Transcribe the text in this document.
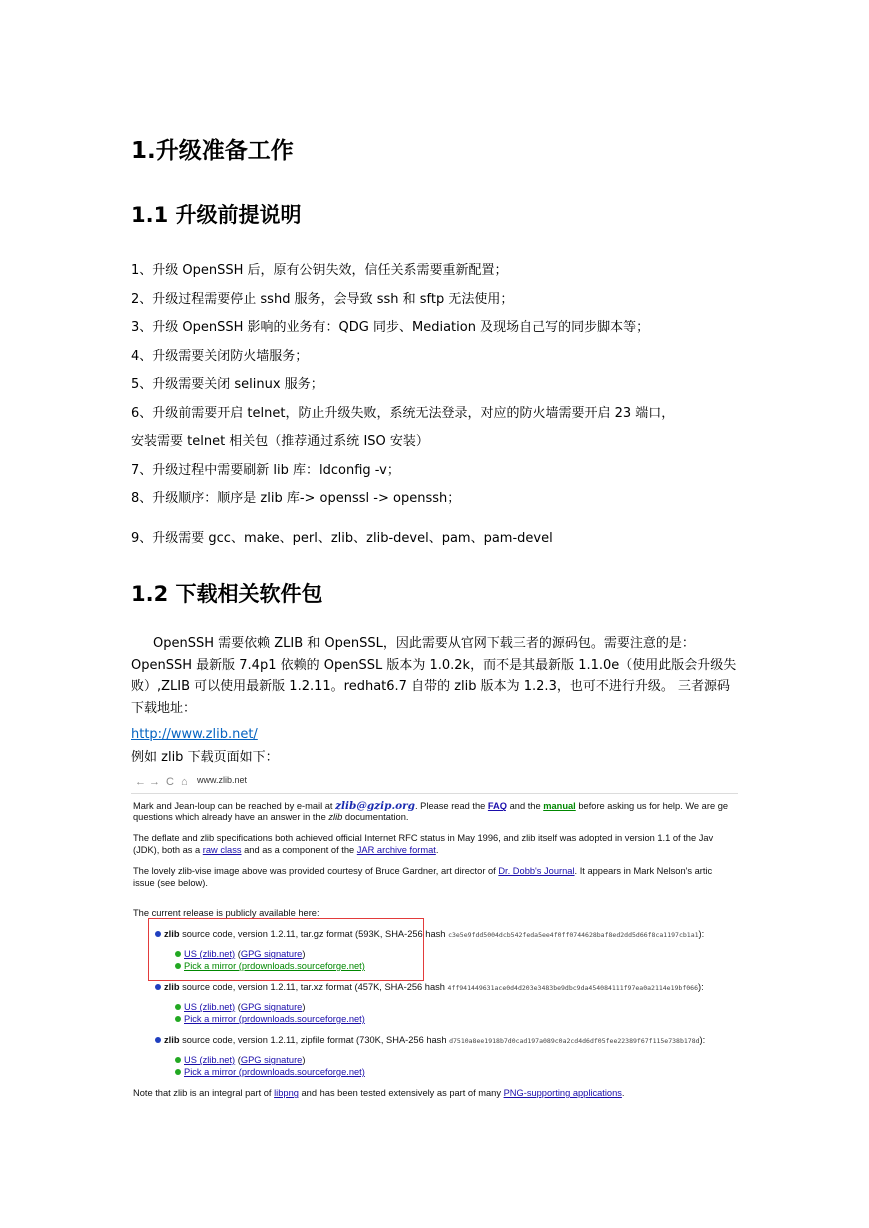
1.升级准备工作
1.1 升级前提说明
1、升级 OpenSSH 后，原有公钥失效，信任关系需要重新配置；
2、升级过程需要停止 sshd 服务，会导致 ssh 和 sftp 无法使用；
3、升级 OpenSSH 影响的业务有：QDG 同步、Mediation 及现场自己写的同步脚本等；
4、升级需要关闭防火墙服务；
5、升级需要关闭 selinux 服务；
6、升级前需要开启 telnet，防止升级失败，系统无法登录，对应的防火墙需要开启 23 端口，
安装需要 telnet 相关包（推荐通过系统 ISO 安装）
7、升级过程中需要刷新 lib 库：ldconfig -v；
8、升级顺序：顺序是 zlib 库-> openssl -> openssh；
9、升级需要 gcc、make、perl、zlib、zlib-devel、pam、pam-devel
1.2 下载相关软件包
OpenSSH 需要依赖 ZLIB 和 OpenSSL，因此需要从官网下载三者的源码包。需要注意的是：OpenSSH 最新版 7.4p1 依赖的 OpenSSL 版本为 1.0.2k，而不是其最新版 1.1.0e（使用此版会升级失败）,ZLIB 可以使用最新版 1.2.11。redhat6.7 自带的 zlib 版本为 1.2.3，也可不进行升级。 三者源码下载地址：
http://www.zlib.net/
例如 zlib 下载页面如下：
← → C ⌂ www.zlib.net
Mark and Jean-loup can be reached by e-mail at zlib@gzip.org. Please read the FAQ and the manual before asking us for help. We are ge
questions which already have an answer in the zlib documentation.
The deflate and zlib specifications both achieved official Internet RFC status in May 1996, and zlib itself was adopted in version 1.1 of the Jav
(JDK), both as a raw class and as a component of the JAR archive format.
The lovely zlib-vise image above was provided courtesy of Bruce Gardner, art director of Dr. Dobb's Journal. It appears in Mark Nelson's artic
issue (see below).
The current release is publicly available here:
zlib source code, version 1.2.11, tar.gz format (593K, SHA-256 hash c3e5e9fdd5004dcb542feda5ee4f0ff0744628baf8ed2dd5d66f8ca1197cb1a1):
US (zlib.net) (GPG signature)
Pick a mirror (prdownloads.sourceforge.net)
zlib source code, version 1.2.11, tar.xz format (457K, SHA-256 hash 4ff941449631ace0d4d203e3483be9dbc9da454084111f97ea0a2114e19bf066):
US (zlib.net) (GPG signature)
Pick a mirror (prdownloads.sourceforge.net)
zlib source code, version 1.2.11, zipfile format (730K, SHA-256 hash d7510a8ee1918b7d0cad197a089c0a2cd4d6df05fee22389f67f115e738b178d):
US (zlib.net) (GPG signature)
Pick a mirror (prdownloads.sourceforge.net)
Note that zlib is an integral part of libpng and has been tested extensively as part of many PNG-supporting applications.
